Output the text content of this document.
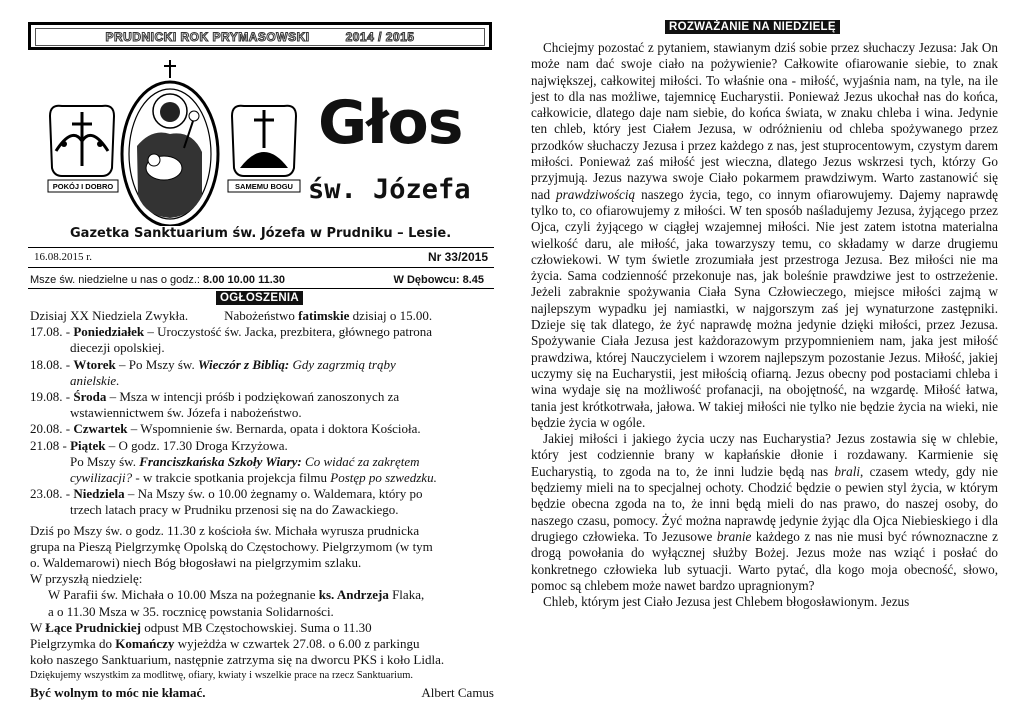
PRUDNICKI ROK PRYMASOWSKI	2014 / 2015
POKÓJ I DOBRO	SAMEMU BOGU
Głos
św. Józefa
Gazetka Sanktuarium św. Józefa w Prudniku – Lesie.
16.08.2015 r.	Nr 33/2015
Msze św. niedzielne u nas o godz.: 8.00 10.00 11.30	W Dębowcu: 8.45
OGŁOSZENIA
Dzisiaj XX Niedziela Zwykła.	Nabożeństwo fatimskie dzisiaj o 15.00.
17.08. - Poniedziałek – Uroczystość św. Jacka, prezbitera, głównego patrona
diecezji opolskiej.
18.08. - Wtorek – Po Mszy św. Wieczór z Biblią: Gdy zagrzmią trąby
anielskie.
19.08. - Środa – Msza w intencji próśb i podziękowań zanoszonych za
wstawiennictwem św. Józefa i nabożeństwo.
20.08. - Czwartek – Wspomnienie św. Bernarda, opata i doktora Kościoła.
21.08 - Piątek – O godz. 17.30 Droga Krzyżowa.
Po Mszy św. Franciszkańska Szkoły Wiary: Co widać za zakrętem
cywilizacji? - w trakcie spotkania projekcja filmu Postęp po szwedzku.
23.08. - Niedziela – Na Mszy św. o 10.00 żegnamy o. Waldemara, który po
trzech latach pracy w Prudniku przenosi się na do Zawackiego.
Dziś po Mszy św. o godz. 11.30 z kościoła św. Michała wyrusza prudnicka
grupa na Pieszą Pielgrzymkę Opolską do Częstochowy. Pielgrzymom (w tym
o. Waldemarowi) niech Bóg błogosławi na pielgrzymim szlaku.
W przyszłą niedzielę:
W Parafii św. Michała o 10.00 Msza na pożegnanie ks. Andrzeja Flaka,
a o 11.30 Msza w 35. rocznicę powstania Solidarności.
W Łące Prudnickiej odpust MB Częstochowskiej. Suma o 11.30
Pielgrzymka do Komańczy wyjeżdża w czwartek 27.08. o 6.00 z parkingu
koło naszego Sanktuarium, następnie zatrzyma się na dworcu PKS i koło Lidla.
Dziękujemy wszystkim za modlitwę, ofiary, kwiaty i wszelkie prace na rzecz Sanktuarium.
Być wolnym to móc nie kłamać.	Albert Camus
ROZWAŻANIE NA NIEDZIELĘ

Chciejmy pozostać z pytaniem, stawianym dziś sobie przez słuchaczy Jezusa: Jak On może nam dać swoje ciało na pożywienie? Całkowite ofiarowanie siebie, to znak największej, całkowitej miłości. To właśnie ona - miłość, wyjaśnia nam, na tyle, na ile jest to dla nas możliwe, tajemnicę Eucharystii. Ponieważ Jezus ukochał nas do końca, całkowicie, dlatego daje nam siebie, do końca świata, w znaku chleba i wina. Jedynie ten chleb, który jest Ciałem Jezusa, w odróżnieniu od chleba spożywanego przez przodków słuchaczy Jezusa i przez każdego z nas, jest stuprocentowym, czystym darem miłości. Ponieważ zaś miłość jest wieczna, dlatego Jezus wskrzesi tych, którzy Go przyjmują. Jezus nazywa swoje Ciało pokarmem prawdziwym. Warto zastanowić się nad prawdziwością naszego życia, tego, co innym ofiarowujemy. Dajemy naprawdę tylko to, co ofiarowujemy z miłości. W ten sposób naśladujemy Jezusa, żyjącego przez Ojca, czyli żyjącego w ciągłej wzajemnej miłości. Nie jest zatem istotna materialna wielkość daru, ale miłość, jaka towarzyszy temu, co składamy w darze drugiemu człowiekowi. W tym świetle zrozumiała jest przestroga Jezusa. Bez miłości nie ma życia. Sama codzienność przekonuje nas, jak boleśnie prawdziwe jest to ostrzeżenie. Jeżeli zabraknie spożywania Ciała Syna Człowieczego, miejsce miłości zajmą w najlepszym wypadku jej namiastki, w najgorszym zaś jej wynaturzone zastępniki. Dzieje się tak dlatego, że żyć naprawdę można jedynie dzięki miłości, przez Jezusa. Spożywanie Ciała Jezusa jest każdorazowym przypomnieniem nam, jaka jest miłość prawdziwa, której Nauczycielem i wzorem najlepszym pozostanie Jezus. Miłość, jakiej uczymy się na Eucharystii, jest miłością ofiarną. Jezus obecny pod postaciami chleba i wina wydaje się na możliwość profanacji, na obojętność, na wzgardę. Miłość łatwa, tania jest krótkotrwała, jałowa. W takiej miłości nie tylko nie będzie życia na wieki, nie będzie życia w ogóle.

Jakiej miłości i jakiego życia uczy nas Eucharystia? Jezus zostawia się w chlebie, który jest codziennie brany w kapłańskie dłonie i rozdawany. Karmienie się Eucharystią, to zgoda na to, że inni ludzie będą nas brali, czasem wtedy, gdy nie będziemy mieli na to specjalnej ochoty. Chodzić będzie o pewien styl życia, w którym będzie obecna zgoda na to, że inni będą mieli do nas prawo, do naszej osoby, do naszego czasu, pomocy. Żyć można naprawdę jedynie żyjąc dla Ojca Niebieskiego i dla drugiego człowieka. To Jezusowe branie każdego z nas nie musi być równoznaczne z drogą powołania do wyłącznej służby Bożej. Jezus może nas wziąć i posłać do konkretnego człowieka lub sytuacji. Warto pytać, dla kogo moja obecność, słowo, pomoc są chlebem może nawet bardzo upragnionym?

Chleb, którym jest Ciało Jezusa jest Chlebem błogosławionym. Jezus
